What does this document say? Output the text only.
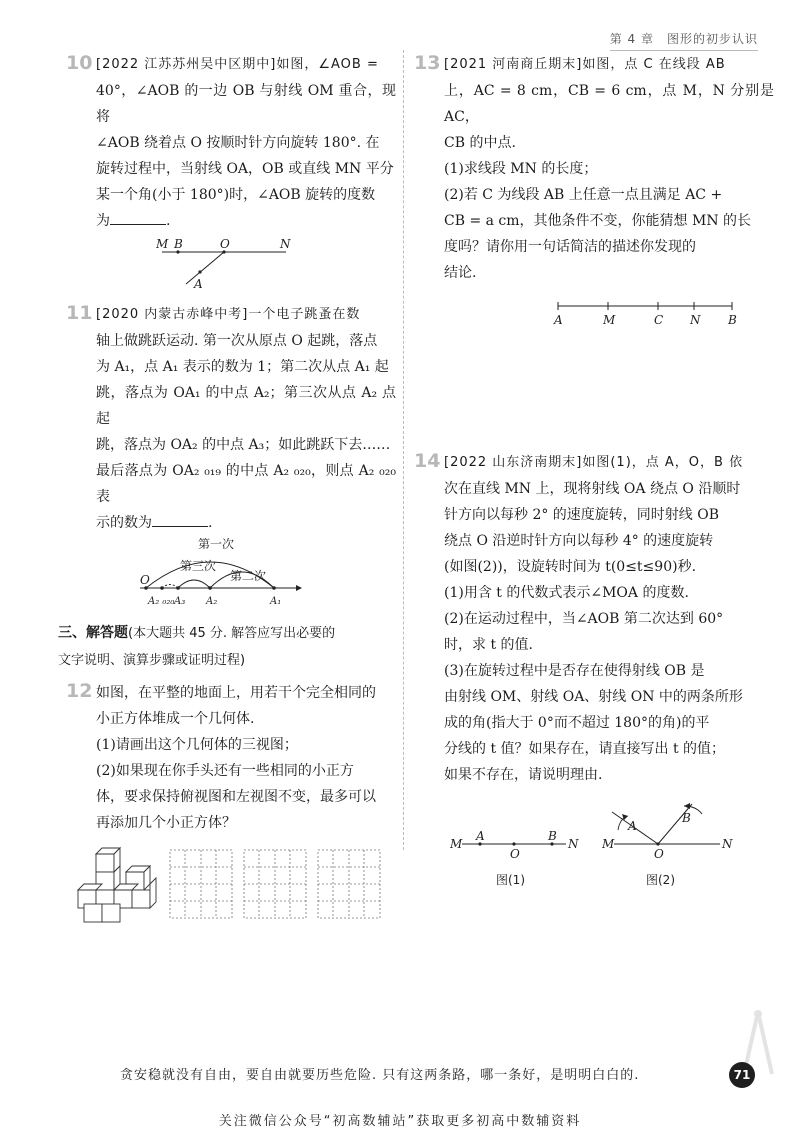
第 4 章　图形的初步认识
10 [2022 江苏苏州吴中区期中]如图，∠AOB =
40°，∠AOB 的一边 OB 与射线 OM 重合，现将
∠AOB 绕着点 O 按顺时针方向旋转 180°. 在
旋转过程中，当射线 OA，OB 或直线 MN 平分
某一个角(小于 180°)时，∠AOB 旋转的度数
为	.
M B	O	N
A
11 [2020 内蒙古赤峰中考]一个电子跳蚤在数
轴上做跳跃运动. 第一次从原点 O 起跳，落点
为 A₁，点 A₁ 表示的数为 1；第二次从点 A₁ 起
跳，落点为 OA₁ 的中点 A₂；第三次从点 A₂ 点起
跳，落点为 OA₂ 的中点 A₃；如此跳跃下去……
最后落点为 OA₂ ₀₁₉ 的中点 A₂ ₀₂₀，则点 A₂ ₀₂₀ 表
示的数为	.
第一次
第三次
第二次
O
A₂ ₀₂₀ A₃ A₂	A₁
三、解答题(本大题共 45 分. 解答应写出必要的
文字说明、演算步骤或证明过程)
12 如图，在平整的地面上，用若干个完全相同的
小正方体堆成一个几何体.
(1)请画出这个几何体的三视图；
(2)如果现在你手头还有一些相同的小正方
体，要求保持俯视图和左视图不变，最多可以
再添加几个小正方体？
13 [2021 河南商丘期末]如图，点 C 在线段 AB
上，AC = 8 cm，CB = 6 cm，点 M，N 分别是 AC，
CB 的中点.
(1)求线段 MN 的长度；
(2)若 C 为线段 AB 上任意一点且满足 AC +
CB = a cm，其他条件不变，你能猜想 MN 的长
度吗？请你用一句话简洁的描述你发现的
结论.
A	M	C N B
14 [2022 山东济南期末]如图(1)，点 A，O，B 依
次在直线 MN 上，现将射线 OA 绕点 O 沿顺时
针方向以每秒 2° 的速度旋转，同时射线 OB
绕点 O 沿逆时针方向以每秒 4° 的速度旋转
(如图(2))，设旋转时间为 t(0≤t≤90)秒.
(1)用含 t 的代数式表示∠MOA 的度数.
(2)在运动过程中，当∠AOB 第二次达到 60°
时，求 t 的值.
(3)在旋转过程中是否存在使得射线 OB 是
由射线 OM、射线 OA、射线 ON 中的两条所形
成的角(指大于 0°而不超过 180°的角)的平
分线的 t 值？如果存在，请直接写出 t 的值；
如果不存在，请说明理由.
M
A
O
B
N
图(1)
M
A
O
B
N
图(2)
贪安稳就没有自由，要自由就要历些危险. 只有这两条路，哪一条好，是明明白白的.	71
关注微信公众号“初高数辅站”获取更多初高中数辅资料
